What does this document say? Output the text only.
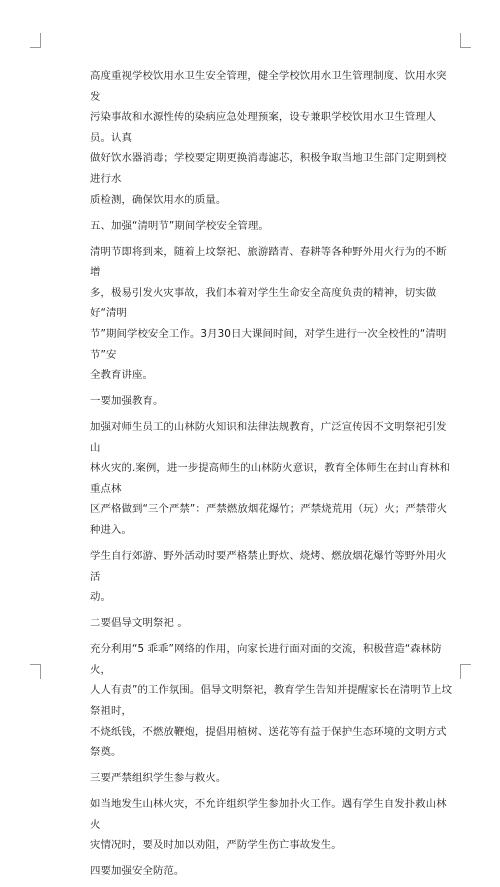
高度重视学校饮用水卫生安全管理，健全学校饮用水卫生管理制度、饮用水突发
污染事故和水源性传的染病应急处理预案，设专兼职学校饮用水卫生管理人员。认真
做好饮水器消毒；学校要定期更换消毒滤芯，积极争取当地卫生部门定期到校进行水
质检测，确保饮用水的质量。

五、加强“清明节”期间学校安全管理。

清明节即将到来，随着上坟祭祀、旅游踏青、春耕等各种野外用火行为的不断增
多，极易引发火灾事故，我们本着对学生生命安全高度负责的精神，切实做好“清明
节”期间学校安全工作。3月30日大课间时间，对学生进行一次全校性的“清明节”安
全教育讲座。

一要加强教育。

加强对师生员工的山林防火知识和法律法规教育，广泛宣传因不文明祭祀引发山
林火灾的.案例，进一步提高师生的山林防火意识，教育全体师生在封山育林和重点林
区严格做到“三个严禁”：严禁燃放烟花爆竹；严禁烧荒用（玩）火；严禁带火种进入。

学生自行郊游、野外活动时要严格禁止野炊、烧烤、燃放烟花爆竹等野外用火活
动。

二要倡导文明祭祀 。

充分利用“5 乖乖”网络的作用，向家长进行面对面的交流，积极营造“森林防火，
人人有责”的工作氛围。倡导文明祭祀，教育学生告知并提醒家长在清明节上坟祭祖时，
不烧纸钱，不燃放鞭炮，提倡用植树、送花等有益于保护生态环境的文明方式祭奠。

三要严禁组织学生参与救火。

如当地发生山林火灾，不允许组织学生参加扑火工作。遇有学生自发扑救山林火
灾情况时，要及时加以劝阻，严防学生伤亡事故发生。

四要加强安全防范。
